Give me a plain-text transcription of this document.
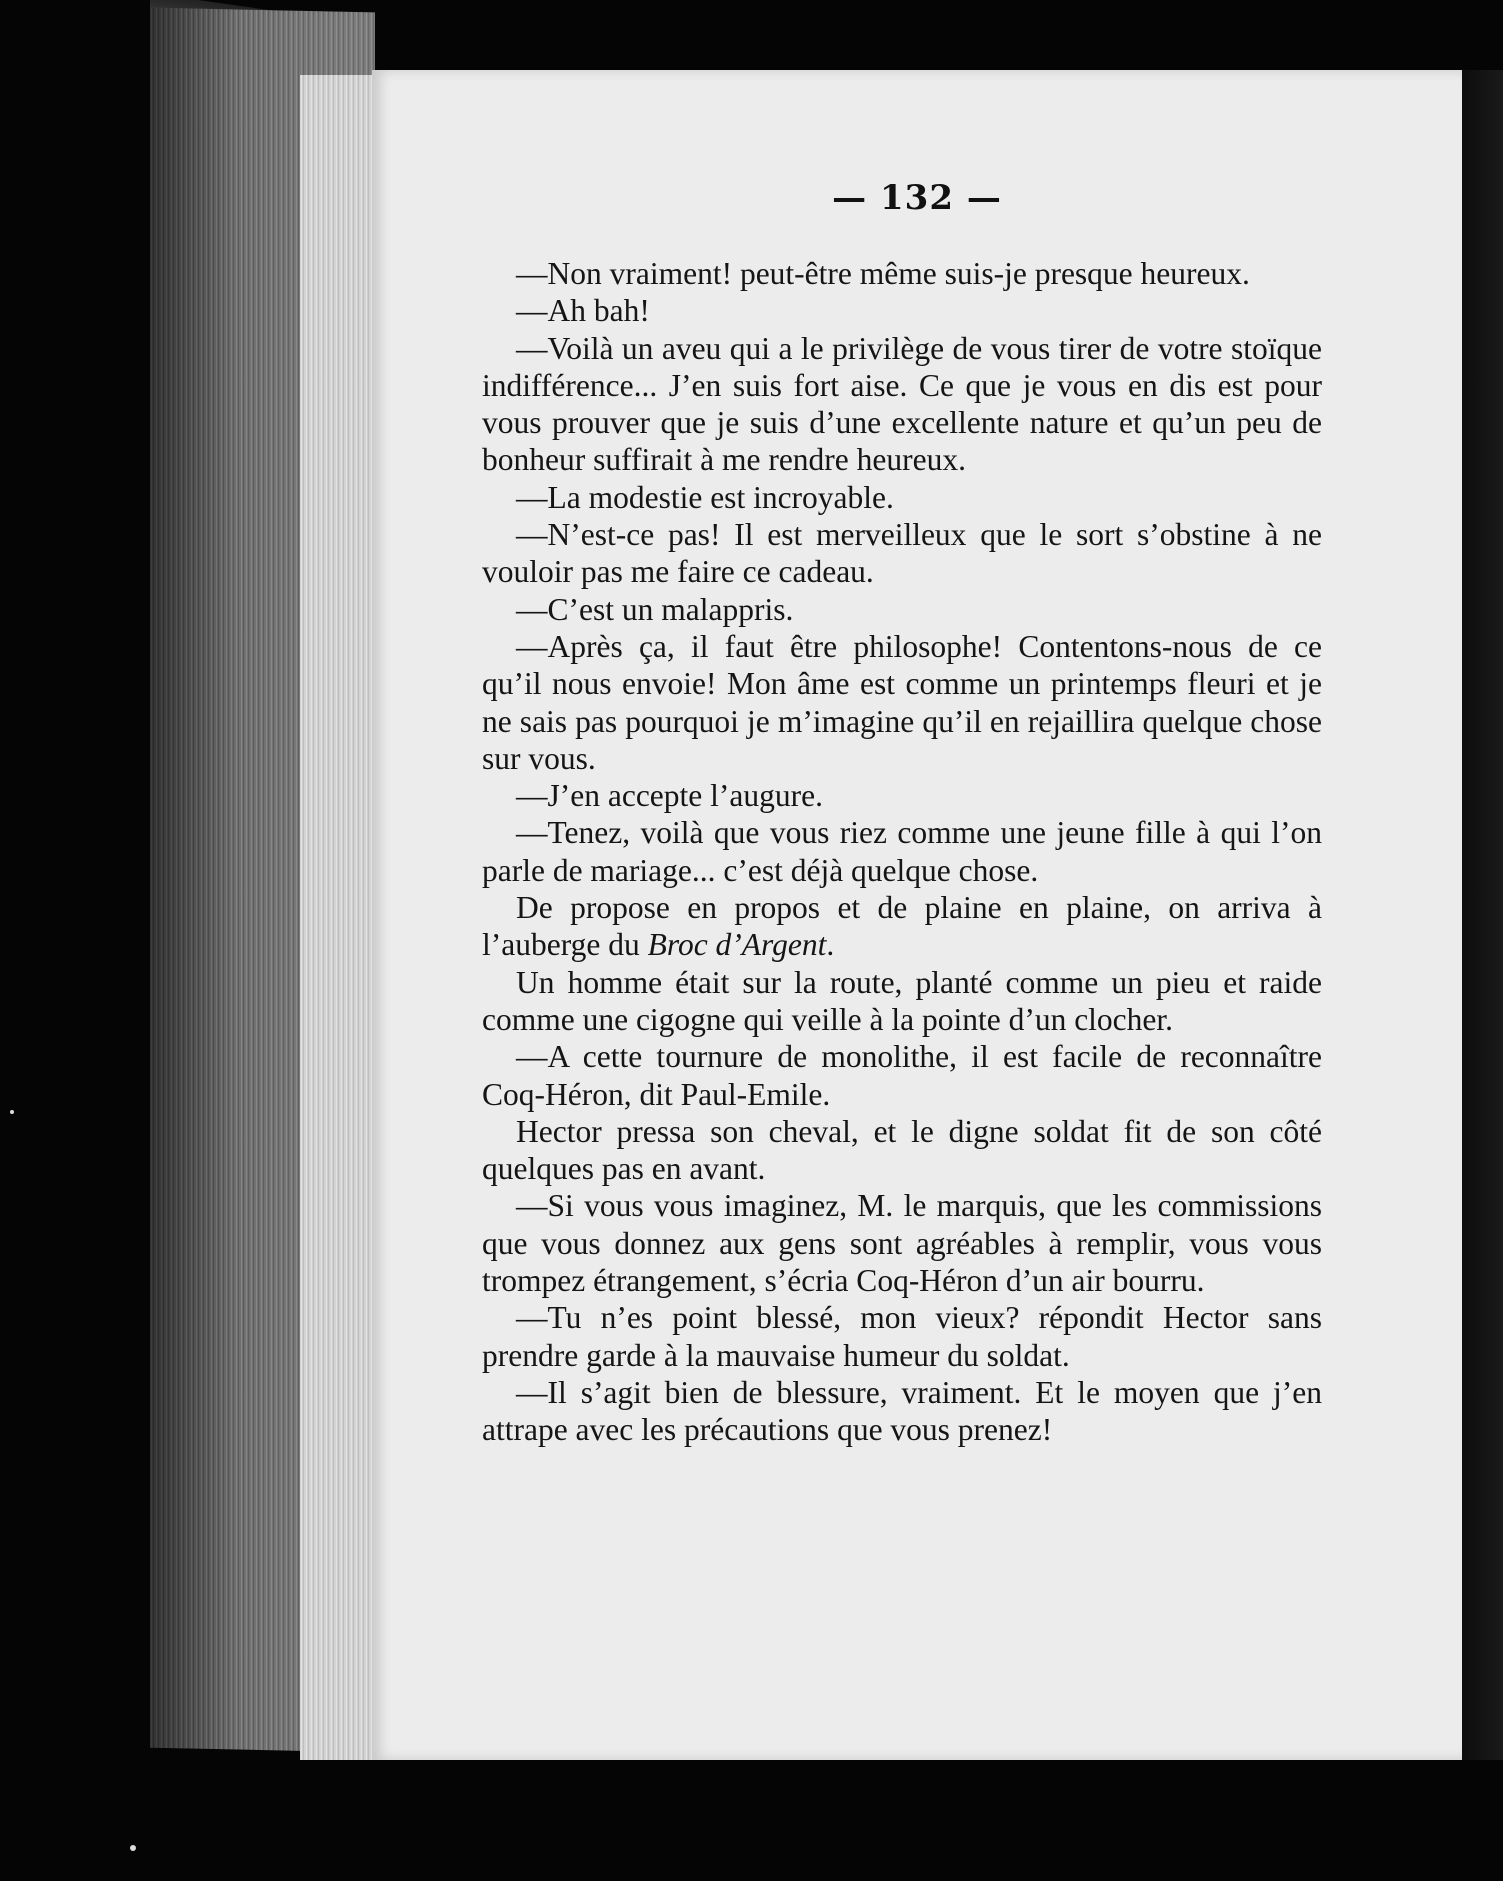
— 132 —

—Non vraiment! peut-être même suis-je presque heureux.

—Ah bah!

—Voilà un aveu qui a le privilège de vous tirer de votre stoïque indifférence... J’en suis fort aise. Ce que je vous en dis est pour vous prouver que je suis d’une excellente nature et qu’un peu de bonheur suffirait à me rendre heureux.

—La modestie est incroyable.

—N’est-ce pas! Il est merveilleux que le sort s’obstine à ne vouloir pas me faire ce cadeau.

—C’est un malappris.

—Après ça, il faut être philosophe! Contentons-nous de ce qu’il nous envoie! Mon âme est comme un printemps fleuri et je ne sais pas pourquoi je m’imagine qu’il en rejaillira quelque chose sur vous.

—J’en accepte l’augure.

—Tenez, voilà que vous riez comme une jeune fille à qui l’on parle de mariage... c’est déjà quelque chose.

De propose en propos et de plaine en plaine, on arriva à l’auberge du Broc d’Argent.

Un homme était sur la route, planté comme un pieu et raide comme une cigogne qui veille à la pointe d’un clocher.

—A cette tournure de monolithe, il est facile de reconnaître Coq-Héron, dit Paul-Emile.

Hector pressa son cheval, et le digne soldat fit de son côté quelques pas en avant.

—Si vous vous imaginez, M. le marquis, que les commissions que vous donnez aux gens sont agréables à remplir, vous vous trompez étrangement, s’écria Coq-Héron d’un air bourru.

—Tu n’es point blessé, mon vieux? répondit Hector sans prendre garde à la mauvaise humeur du soldat.

—Il s’agit bien de blessure, vraiment. Et le moyen que j’en attrape avec les précautions que vous prenez!
